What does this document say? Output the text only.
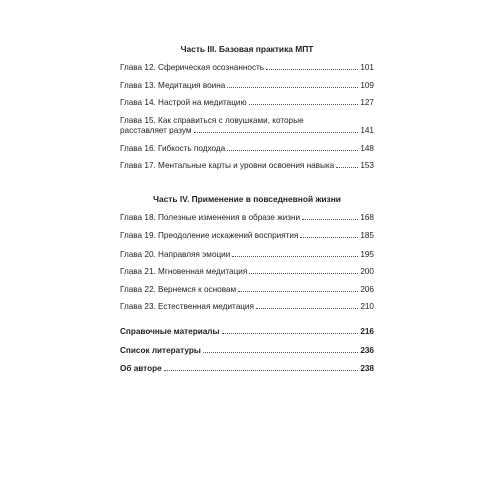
Часть III. Базовая практика МПТ
Глава 12. Сферическая осознанность	101
Глава 13. Медитация воина	109
Глава 14. Настрой на медитацию	127
Глава 15. Как справиться с ловушками, которые
расставляет разум	141
Глава 16. Гибкость подхода	148
Глава 17. Ментальные карты и уровни освоения навыка	153
Часть IV. Применение в повседневной жизни
Глава 18. Полезные изменения в образе жизни	168
Глава 19. Преодоление искажений восприятия	185
Глава 20. Направляя эмоции	195
Глава 21. Мгновенная медитация	200
Глава 22. Вернемся к основам	206
Глава 23. Естественная медитация	210
Справочные материалы	216
Список литературы	236
Об авторе	238
